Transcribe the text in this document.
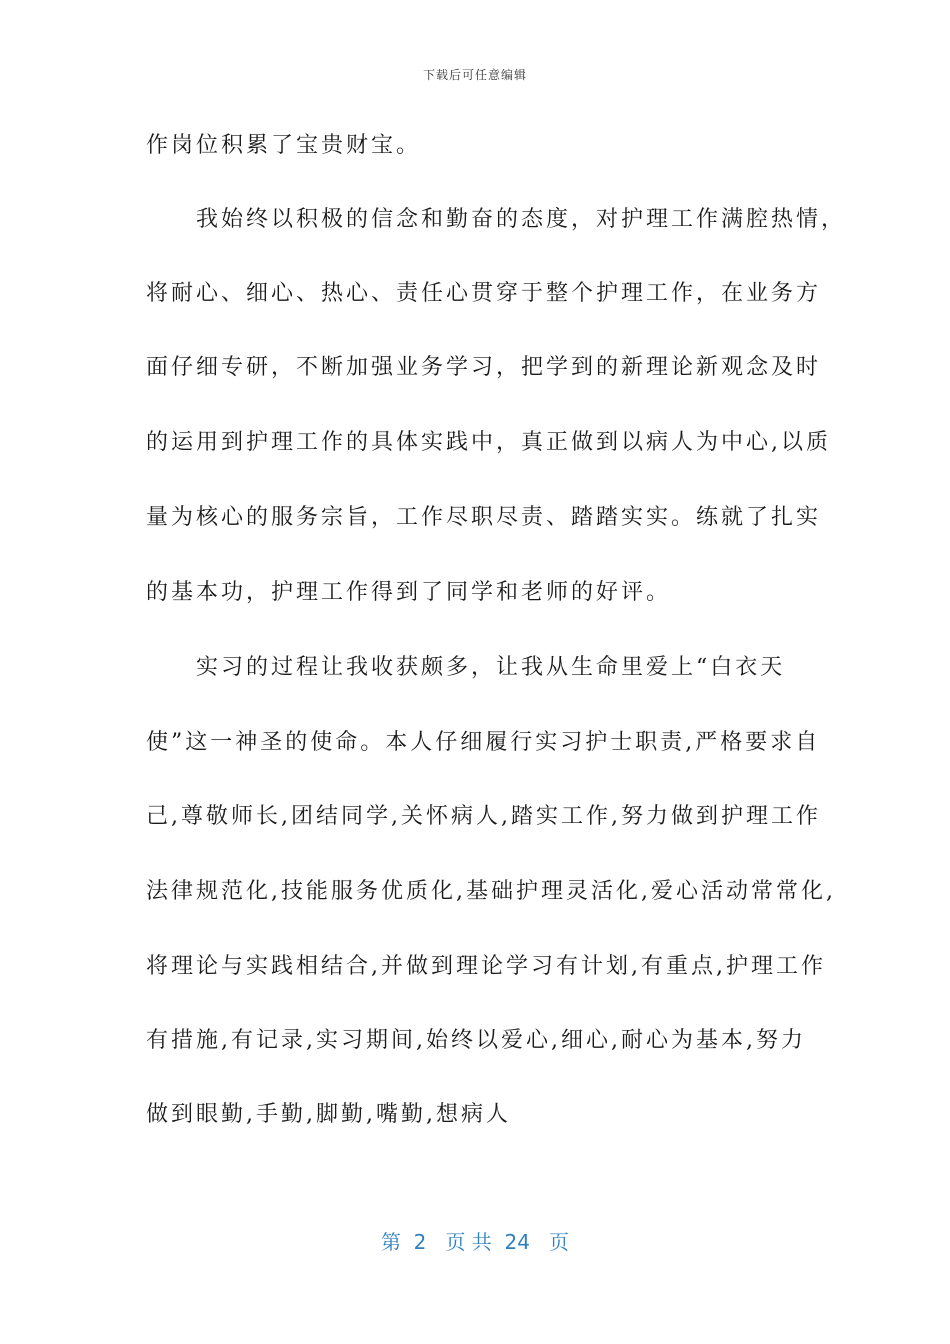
下载后可任意编辑
作岗位积累了宝贵财宝。
　　我始终以积极的信念和勤奋的态度，对护理工作满腔热情，
将耐心、细心、热心、责任心贯穿于整个护理工作，在业务方
面仔细专研，不断加强业务学习，把学到的新理论新观念及时
的运用到护理工作的具体实践中，真正做到以病人为中心,以质
量为核心的服务宗旨，工作尽职尽责、踏踏实实。练就了扎实
的基本功，护理工作得到了同学和老师的好评。
　　实习的过程让我收获颇多，让我从生命里爱上“白衣天
使”这一神圣的使命。本人仔细履行实习护士职责,严格要求自
己,尊敬师长,团结同学,关怀病人,踏实工作,努力做到护理工作
法律规范化,技能服务优质化,基础护理灵活化,爱心活动常常化,
将理论与实践相结合,并做到理论学习有计划,有重点,护理工作
有措施,有记录,实习期间,始终以爱心,细心,耐心为基本,努力
做到眼勤,手勤,脚勤,嘴勤,想病人
第  2   页 共  24   页
